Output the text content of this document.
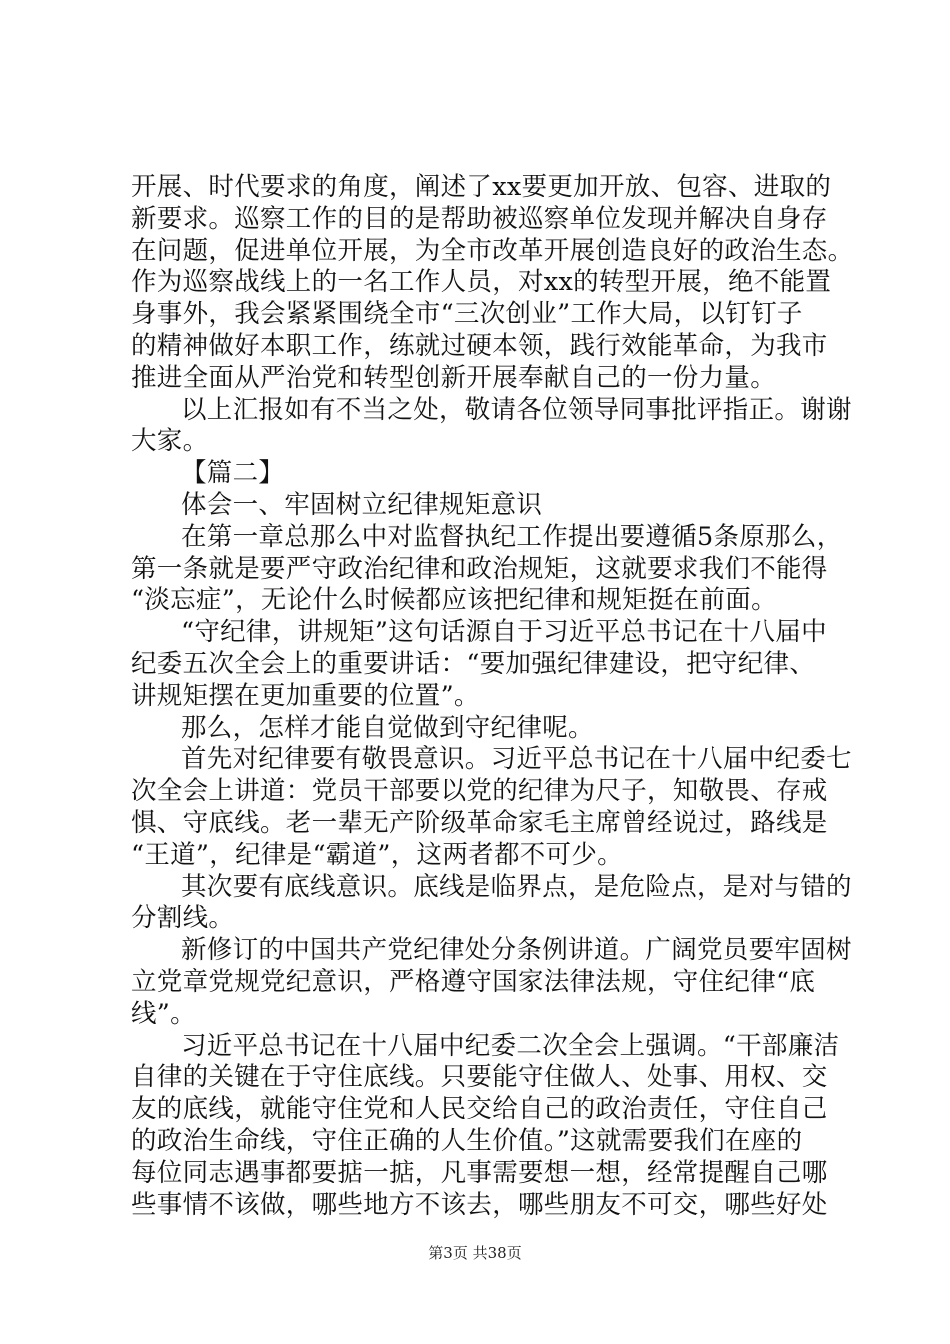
开展、时代要求的角度，阐述了xx要更加开放、包容、进取的
新要求。巡察工作的目的是帮助被巡察单位发现并解决自身存
在问题，促进单位开展，为全市改革开展创造良好的政治生态。
作为巡察战线上的一名工作人员，对xx的转型开展，绝不能置
身事外，我会紧紧围绕全市“三次创业”工作大局，以钉钉子
的精神做好本职工作，练就过硬本领，践行效能革命，为我市
推进全面从严治党和转型创新开展奉献自己的一份力量。
以上汇报如有不当之处，敬请各位领导同事批评指正。谢谢
大家。
【篇二】
体会一、牢固树立纪律规矩意识
在第一章总那么中对监督执纪工作提出要遵循5条原那么，
第一条就是要严守政治纪律和政治规矩，这就要求我们不能得
“淡忘症”，无论什么时候都应该把纪律和规矩挺在前面。
“守纪律，讲规矩”这句话源自于习近平总书记在十八届中
纪委五次全会上的重要讲话：“要加强纪律建设，把守纪律、
讲规矩摆在更加重要的位置”。
那么，怎样才能自觉做到守纪律呢。
首先对纪律要有敬畏意识。习近平总书记在十八届中纪委七
次全会上讲道：党员干部要以党的纪律为尺子，知敬畏、存戒
惧、守底线。老一辈无产阶级革命家毛主席曾经说过，路线是
“王道”，纪律是“霸道”，这两者都不可少。
其次要有底线意识。底线是临界点，是危险点，是对与错的
分割线。
新修订的中国共产党纪律处分条例讲道。广阔党员要牢固树
立党章党规党纪意识，严格遵守国家法律法规，守住纪律“底
线”。
习近平总书记在十八届中纪委二次全会上强调。“干部廉洁
自律的关键在于守住底线。只要能守住做人、处事、用权、交
友的底线，就能守住党和人民交给自己的政治责任，守住自己
的政治生命线，守住正确的人生价值。”这就需要我们在座的
每位同志遇事都要掂一掂，凡事需要想一想，经常提醒自己哪
些事情不该做，哪些地方不该去，哪些朋友不可交，哪些好处
第3页 共38页
